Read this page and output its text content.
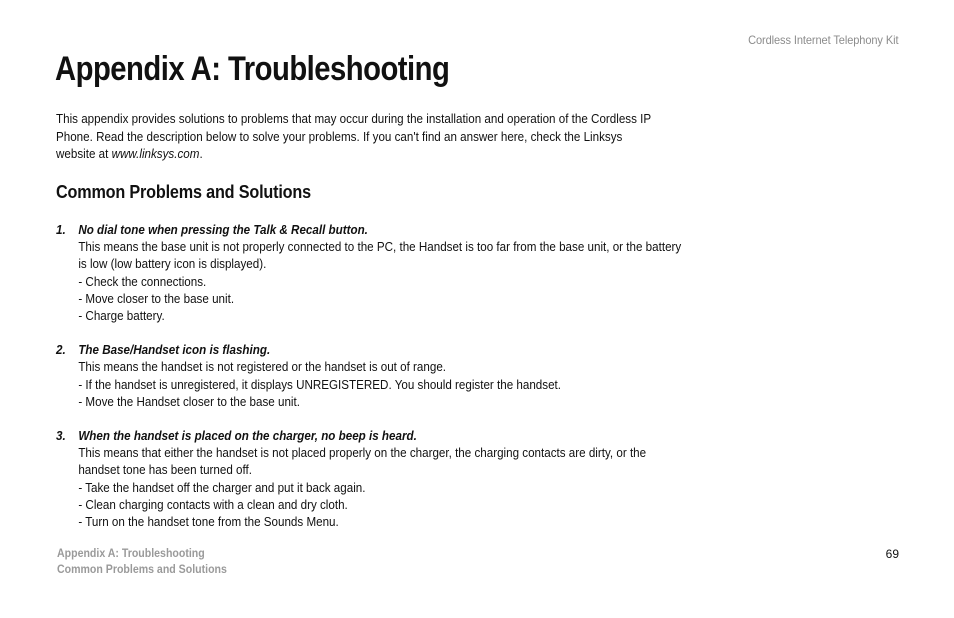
Cordless Internet Telephony Kit
Appendix A: Troubleshooting

This appendix provides solutions to problems that may occur during the installation and operation of the Cordless IP Phone. Read the description below to solve your problems. If you can't find an answer here, check the Linksys website at www.linksys.com.

Common Problems and Solutions
1. No dial tone when pressing the Talk & Recall button.
This means the base unit is not properly connected to the PC, the Handset is too far from the base unit, or the battery is low (low battery icon is displayed).
- Check the connections.
- Move closer to the base unit.
- Charge battery.
2. The Base/Handset icon is flashing.
This means the handset is not registered or the handset is out of range.
- If the handset is unregistered, it displays UNREGISTERED. You should register the handset.
- Move the Handset closer to the base unit.
3. When the handset is placed on the charger, no beep is heard.
This means that either the handset is not placed properly on the charger, the charging contacts are dirty, or the handset tone has been turned off.
- Take the handset off the charger and put it back again.
- Clean charging contacts with a clean and dry cloth.
- Turn on the handset tone from the Sounds Menu.
Appendix A: Troubleshooting
Common Problems and Solutions
69
